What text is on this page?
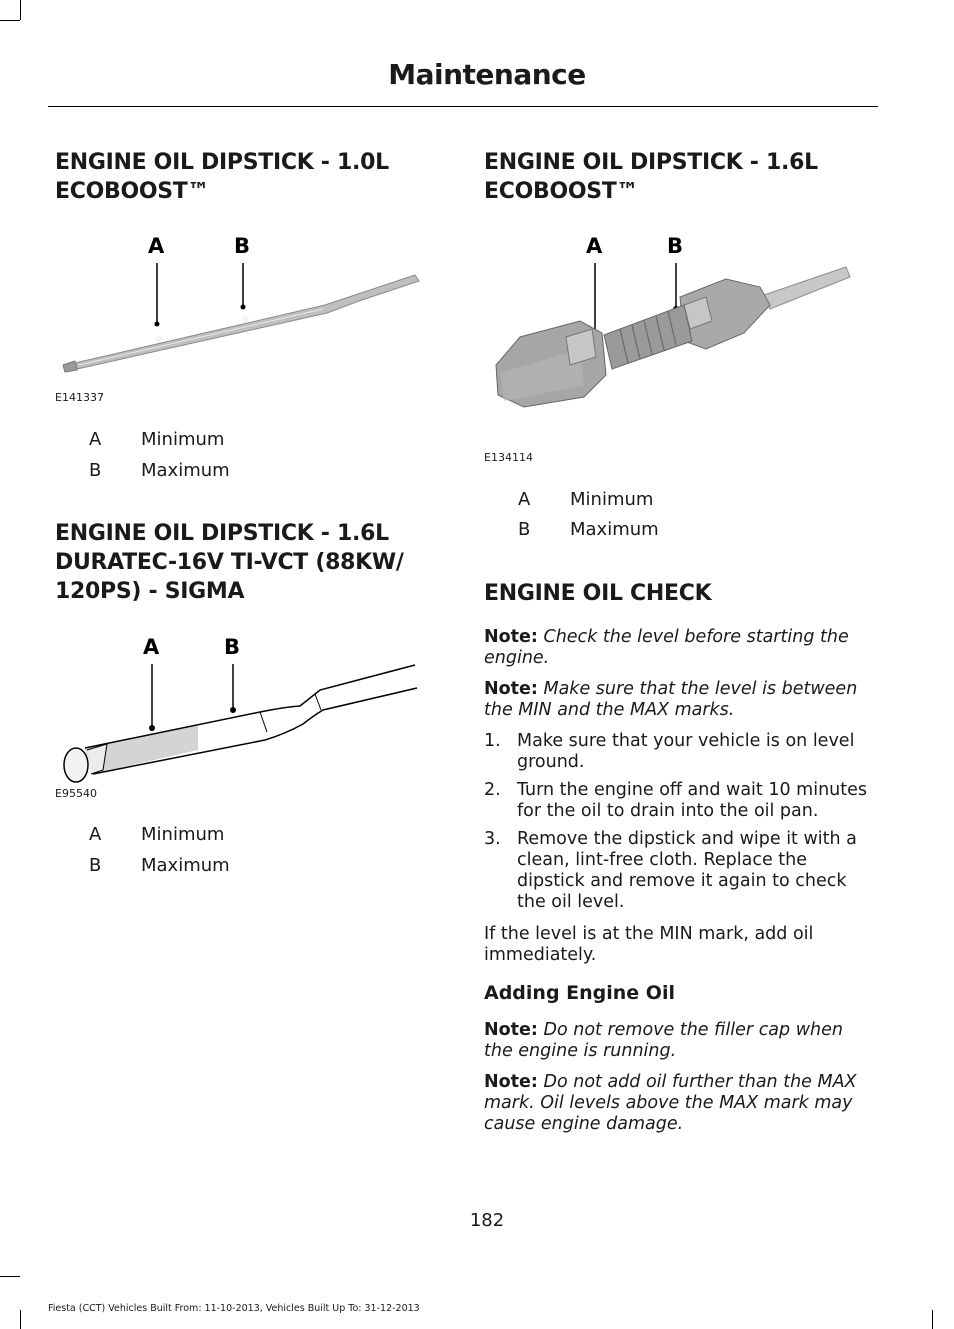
Maintenance
ENGINE OIL DIPSTICK - 1.0L ECOBOOST™
A	B
E141337
A Minimum
B Maximum
ENGINE OIL DIPSTICK - 1.6L DURATEC-16V TI-VCT (88KW/ 120PS) - SIGMA
A	B
E95540
A Minimum
B Maximum
ENGINE OIL DIPSTICK - 1.6L ECOBOOST™
A	B
E134114
A Minimum
B Maximum
ENGINE OIL CHECK

Note: Check the level before starting the engine.

Note: Make sure that the level is between the MIN and the MAX marks.

1. Make sure that your vehicle is on level ground.
2. Turn the engine off and wait 10 minutes for the oil to drain into the oil pan.
3. Remove the dipstick and wipe it with a clean, lint-free cloth. Replace the dipstick and remove it again to check the oil level.

If the level is at the MIN mark, add oil immediately.

Adding Engine Oil

Note: Do not remove the filler cap when the engine is running.

Note: Do not add oil further than the MAX mark. Oil levels above the MAX mark may cause engine damage.

182
Fiesta (CCT) Vehicles Built From: 11-10-2013, Vehicles Built Up To: 31-12-2013
